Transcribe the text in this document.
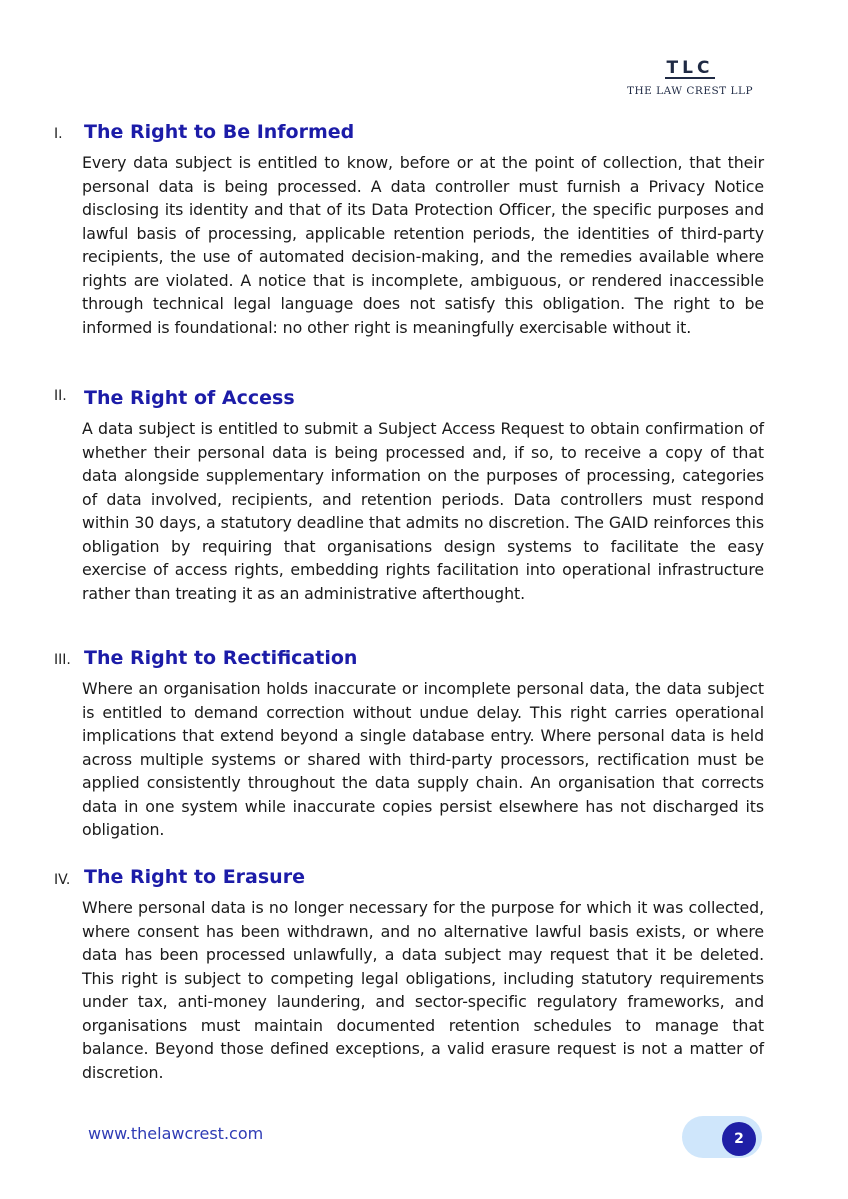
TLC
THE LAW CREST LLP
I. The Right to Be Informed
Every data subject is entitled to know, before or at the point of collection, that their personal data is being processed. A data controller must furnish a Privacy Notice disclosing its identity and that of its Data Protection Officer, the specific purposes and lawful basis of processing, applicable retention periods, the identities of third-party recipients, the use of automated decision-making, and the remedies available where rights are violated. A notice that is incomplete, ambiguous, or rendered inaccessible through technical legal language does not satisfy this obligation. The right to be informed is foundational: no other right is meaningfully exercisable without it.
II. The Right of Access
A data subject is entitled to submit a Subject Access Request to obtain confirmation of whether their personal data is being processed and, if so, to receive a copy of that data alongside supplementary information on the purposes of processing, categories of data involved, recipients, and retention periods. Data controllers must respond within 30 days, a statutory deadline that admits no discretion. The GAID reinforces this obligation by requiring that organisations design systems to facilitate the easy exercise of access rights, embedding rights facilitation into operational infrastructure rather than treating it as an administrative afterthought.
III. The Right to Rectification
Where an organisation holds inaccurate or incomplete personal data, the data subject is entitled to demand correction without undue delay. This right carries operational implications that extend beyond a single database entry. Where personal data is held across multiple systems or shared with third-party processors, rectification must be applied consistently throughout the data supply chain. An organisation that corrects data in one system while inaccurate copies persist elsewhere has not discharged its obligation.
IV. The Right to Erasure
Where personal data is no longer necessary for the purpose for which it was collected, where consent has been withdrawn, and no alternative lawful basis exists, or where data has been processed unlawfully, a data subject may request that it be deleted. This right is subject to competing legal obligations, including statutory requirements under tax, anti-money laundering, and sector-specific regulatory frameworks, and organisations must maintain documented retention schedules to manage that balance. Beyond those defined exceptions, a valid erasure request is not a matter of discretion.
www.thelawcrest.com	2
